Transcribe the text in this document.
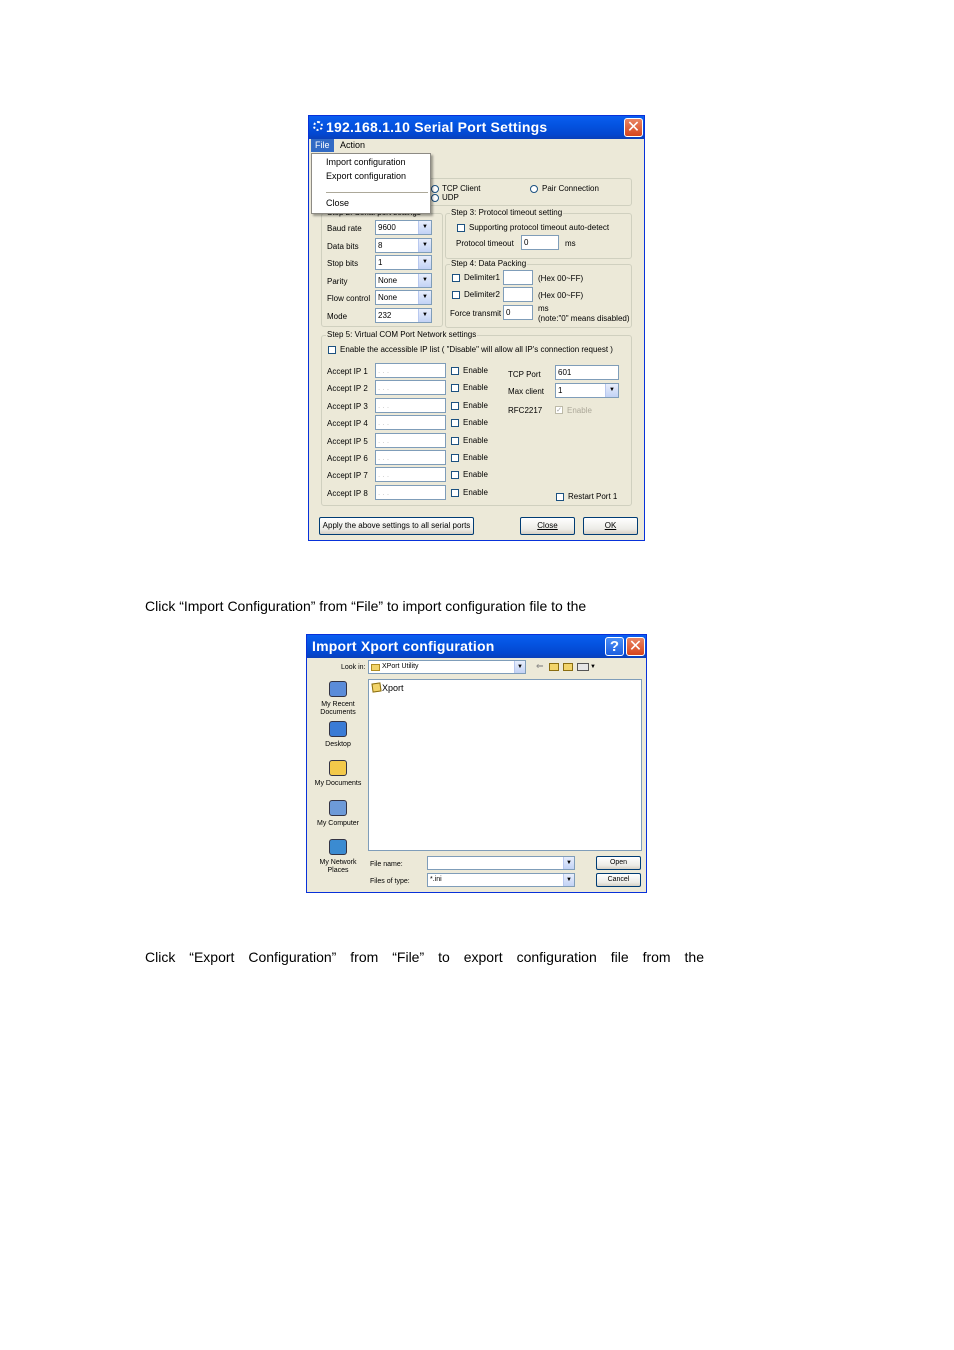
192.168.1.10 Serial Port Settings	✕
File	Action
Import configuration
Export configuration
Close
TCP Client
UDP
Pair Connection
Baud rate	9600	▼
Data bits	8	▼
Stop bits	1	▼
Parity	None	▼
Flow control None	▼
Mode	232	▼
Step 3: Protocol timeout setting
Supporting protocol timeout auto-detect
Protocol timeout	0	ms
Step 4: Data Packing
Delimiter1	(Hex 00~FF)
Delimiter2	(Hex 00~FF)
Force transmit 0	ms
(note:"0" means disabled)
Step 5: Virtual COM Port Network settings
Enable the accessible IP list ( "Disable" will allow all IP's connection request )
Accept IP 1	. . .	Enable
Accept IP 2	. . .	Enable
Accept IP 3	. . .	Enable
Accept IP 4	. . .	Enable
Accept IP 5	. . .	Enable
Accept IP 6	. . .	Enable
Accept IP 7	. . .	Enable
Accept IP 8	. . .	Enable
TCP Port	601
Max client	1	▼
RFC2217 ✓ Enable
Restart Port 1
Apply the above settings to all serial ports	Close	OK
Click “Import Configuration” from “File” to import configuration file to the
Import Xport configuration	? ✕
Look in:	XPort Utility	▼ ⇐	▼
My Recent Documents
Desktop
My Documents
My Computer
My Network Places
Xport
File name:	▼
Files of type:	*.ini	▼
Open
Cancel
Click “Export Configuration” from “File” to export configuration file from the
